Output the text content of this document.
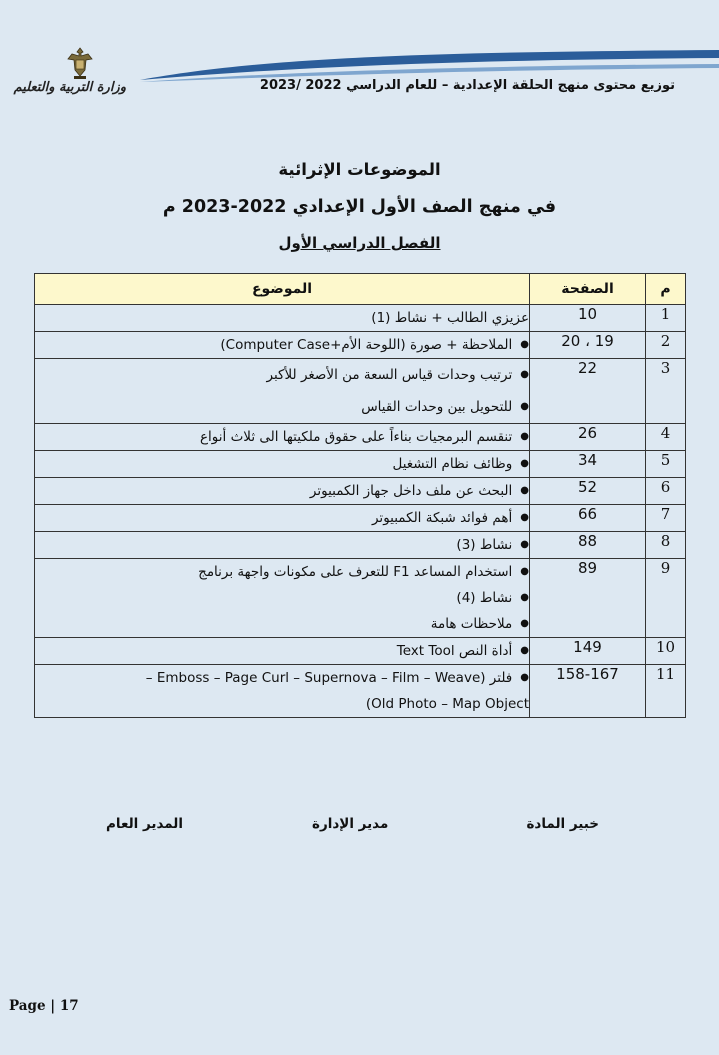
وزارة التربية والتعليم	توزيع محتوى منهج الحلقة الإعدادية – للعام الدراسي 2022 /2023
الموضوعات الإثرائية
في منهج الصف الأول الإعدادي 2022-2023 م
الفصل الدراسي الأول
م	الصفحة	الموضوع
1	10	عزيزي الطالب + نشاط (1)

2	19 ، 20	●الملاحظة + صورة (اللوحة الأم+Computer Case)

3	22	●ترتيب وحدات قياس السعة من الأصغر للأكبر
●للتحويل بين وحدات القياس

4	26	●تنقسم البرمجيات بناءاً على حقوق ملكيتها الى ثلاث أنواع

5	34	●وظائف نظام التشغيل

6	52	●البحث عن ملف داخل جهاز الكمبيوتر

7	66	●أهم فوائد شبكة الكمبيوتر

8	88	●نشاط (3)

9	89	●استخدام المساعد F1 للتعرف على مكونات واجهة برنامج
●نشاط (4)
●ملاحظات هامة

10	149	●أداة النص Text Tool

11	158-167	●فلتر (Emboss – Page Curl – Supernova – Film – Weave –
Old Photo – Map Object)
خبير المادة
مدير الإدارة
المدير العام
Page | 17
